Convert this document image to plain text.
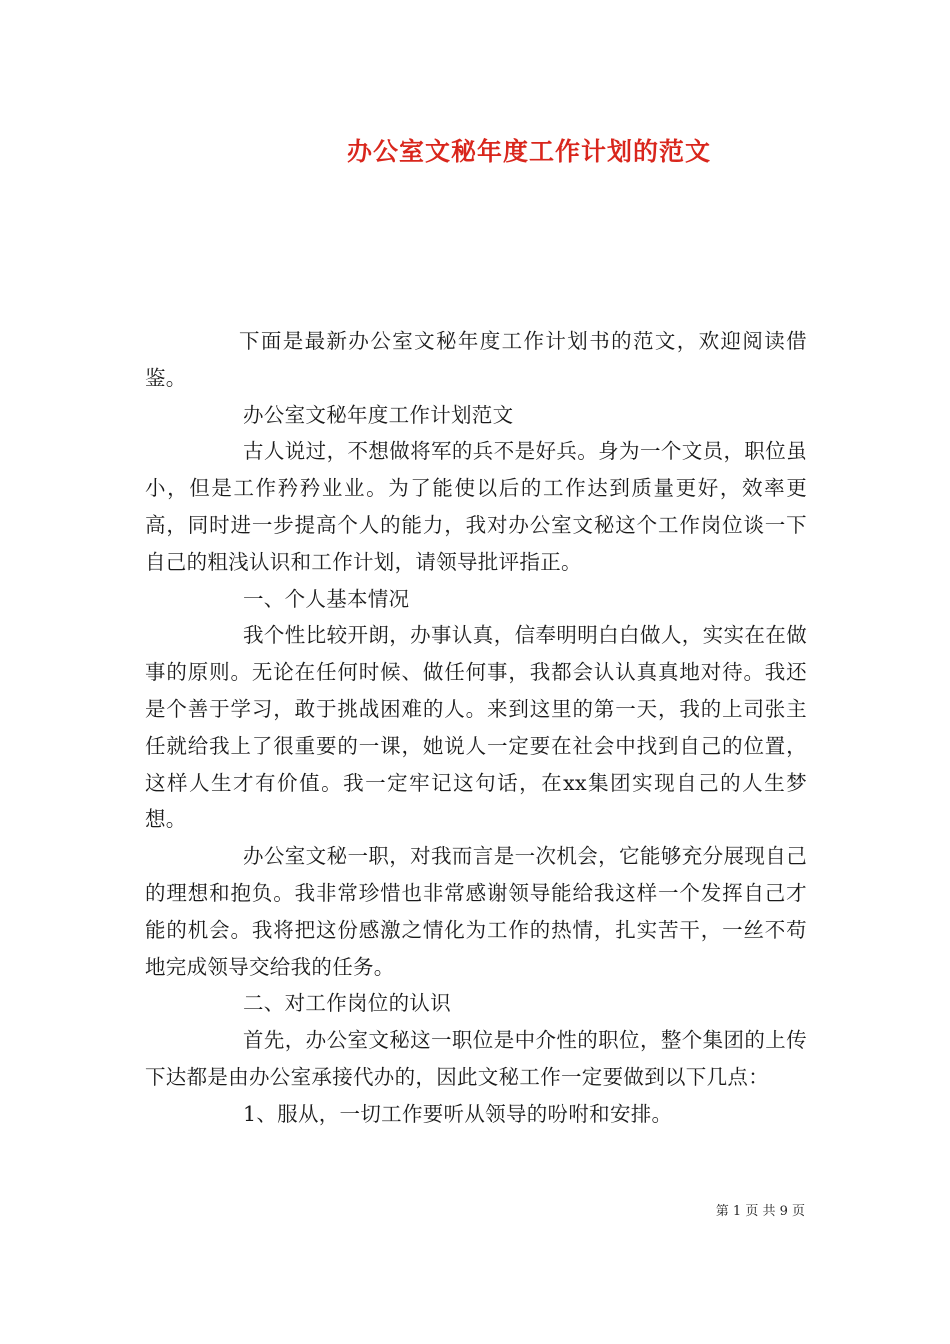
办公室文秘年度工作计划的范文

下面是最新办公室文秘年度工作计划书的范文，欢迎阅读借鉴。

办公室文秘年度工作计划范文

古人说过，不想做将军的兵不是好兵。身为一个文员，职位虽小，但是工作矜矜业业。为了能使以后的工作达到质量更好，效率更高，同时进一步提高个人的能力，我对办公室文秘这个工作岗位谈一下自己的粗浅认识和工作计划，请领导批评指正。

一、个人基本情况

我个性比较开朗，办事认真，信奉明明白白做人，实实在在做事的原则。无论在任何时候、做任何事，我都会认认真真地对待。我还是个善于学习，敢于挑战困难的人。来到这里的第一天，我的上司张主任就给我上了很重要的一课，她说人一定要在社会中找到自己的位置，这样人生才有价值。我一定牢记这句话，在xx集团实现自己的人生梦想。

办公室文秘一职，对我而言是一次机会，它能够充分展现自己的理想和抱负。我非常珍惜也非常感谢领导能给我这样一个发挥自己才能的机会。我将把这份感激之情化为工作的热情，扎实苦干，一丝不苟地完成领导交给我的任务。

二、对工作岗位的认识

首先，办公室文秘这一职位是中介性的职位，整个集团的上传下达都是由办公室承接代办的，因此文秘工作一定要做到以下几点：

1、服从，一切工作要听从领导的吩咐和安排。

第 1 页 共 9 页
